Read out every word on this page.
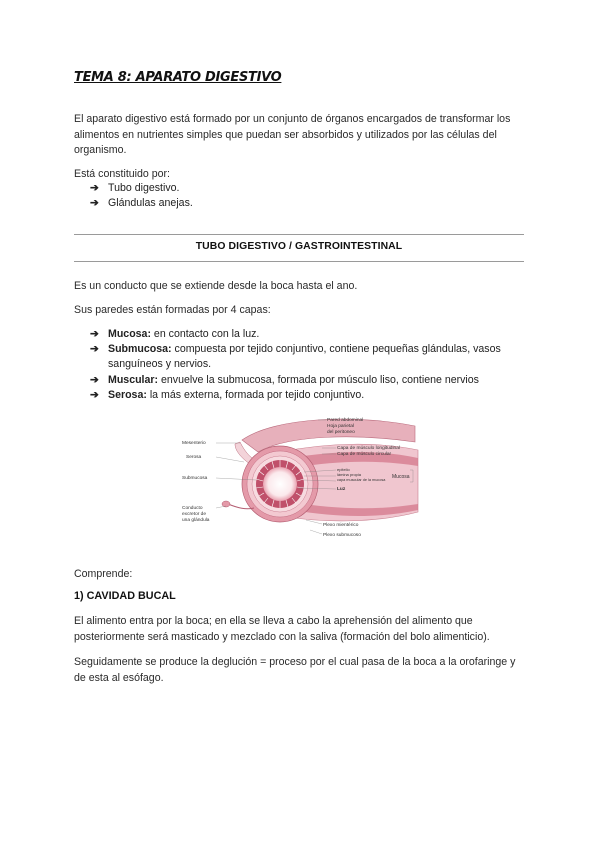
TEMA 8: APARATO DIGESTIVO
El aparato digestivo está formado por un conjunto de órganos encargados de transformar los alimentos en nutrientes simples que puedan ser absorbidos y utilizados por las células del organismo.
Está constituido por:
➔ Tubo digestivo.
➔ Glándulas anejas.
TUBO DIGESTIVO / GASTROINTESTINAL
Es un conducto que se extiende desde la boca hasta el ano.
Sus paredes están formadas por 4 capas:
➔ Mucosa: en contacto con la luz.
➔ Submucosa: compuesta por tejido conjuntivo, contiene pequeñas glándulas, vasos sanguíneos y nervios.
➔ Muscular: envuelve la submucosa, formada por músculo liso, contiene nervios
➔ Serosa: la más externa, formada por tejido conjuntivo.
Pared abdominal
Hoja parietal
del peritoneo
Mesenterio
Serosa
Submucosa
Capa de músculo longitudinal
Capa de músculo circular
epitelio
lámina propia
capa muscular de la mucosa Mucosa
Luz
Conducto
excretor de
una glándula
Plexo mientérico
Plexo submucoso
Comprende:
1) CAVIDAD BUCAL
El alimento entra por la boca; en ella se lleva a cabo la aprehensión del alimento que posteriormente será masticado y mezclado con la saliva (formación del bolo alimenticio).
Seguidamente se produce la deglución = proceso por el cual pasa de la boca a la orofaringe y de esta al esófago.
